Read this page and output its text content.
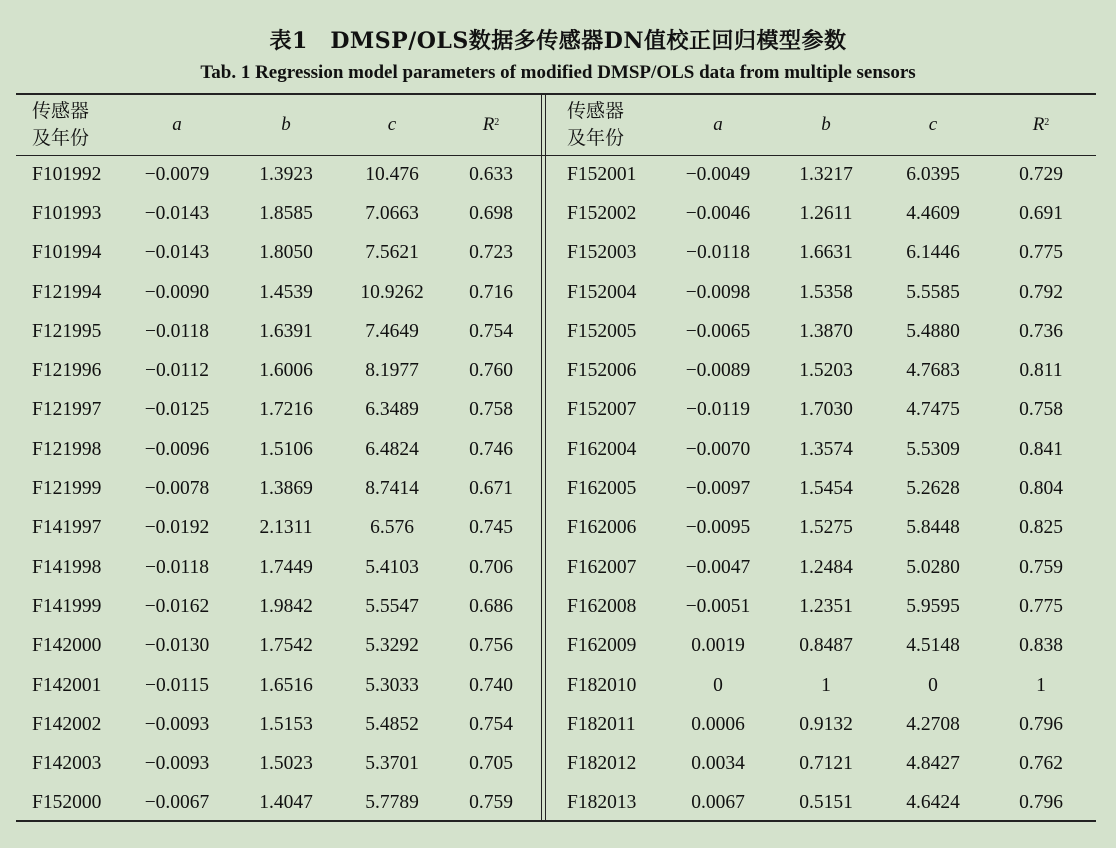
表1　DMSP/OLS数据多传感器DN值校正回归模型参数
Tab. 1 Regression model parameters of modified DMSP/OLS data from multiple sensors
传感器
及年份
a	b	c	$R^2$
F101992	−0.0079	1.3923	10.476	0.633
F101993	−0.0143	1.8585	7.0663	0.698
F101994	−0.0143	1.8050	7.5621	0.723
F121994	−0.0090	1.4539	10.9262	0.716
F121995	−0.0118	1.6391	7.4649	0.754
F121996	−0.0112	1.6006	8.1977	0.760
F121997	−0.0125	1.7216	6.3489	0.758
F121998	−0.0096	1.5106	6.4824	0.746
F121999	−0.0078	1.3869	8.7414	0.671
F141997	−0.0192	2.1311	6.576	0.745
F141998	−0.0118	1.7449	5.4103	0.706
F141999	−0.0162	1.9842	5.5547	0.686
F142000	−0.0130	1.7542	5.3292	0.756
F142001	−0.0115	1.6516	5.3033	0.740
F142002	−0.0093	1.5153	5.4852	0.754
F142003	−0.0093	1.5023	5.3701	0.705
F152000	−0.0067	1.4047	5.7789	0.759
传感器
及年份
a	b	c	$R^2$
F152001	−0.0049	1.3217	6.0395	0.729
F152002	−0.0046	1.2611	4.4609	0.691
F152003	−0.0118	1.6631	6.1446	0.775
F152004	−0.0098	1.5358	5.5585	0.792
F152005	−0.0065	1.3870	5.4880	0.736
F152006	−0.0089	1.5203	4.7683	0.811
F152007	−0.0119	1.7030	4.7475	0.758
F162004	−0.0070	1.3574	5.5309	0.841
F162005	−0.0097	1.5454	5.2628	0.804
F162006	−0.0095	1.5275	5.8448	0.825
F162007	−0.0047	1.2484	5.0280	0.759
F162008	−0.0051	1.2351	5.9595	0.775
F162009	0.0019	0.8487	4.5148	0.838
F182010	0	1	0	1
F182011	0.0006	0.9132	4.2708	0.796
F182012	0.0034	0.7121	4.8427	0.762
F182013	0.0067	0.5151	4.6424	0.796
